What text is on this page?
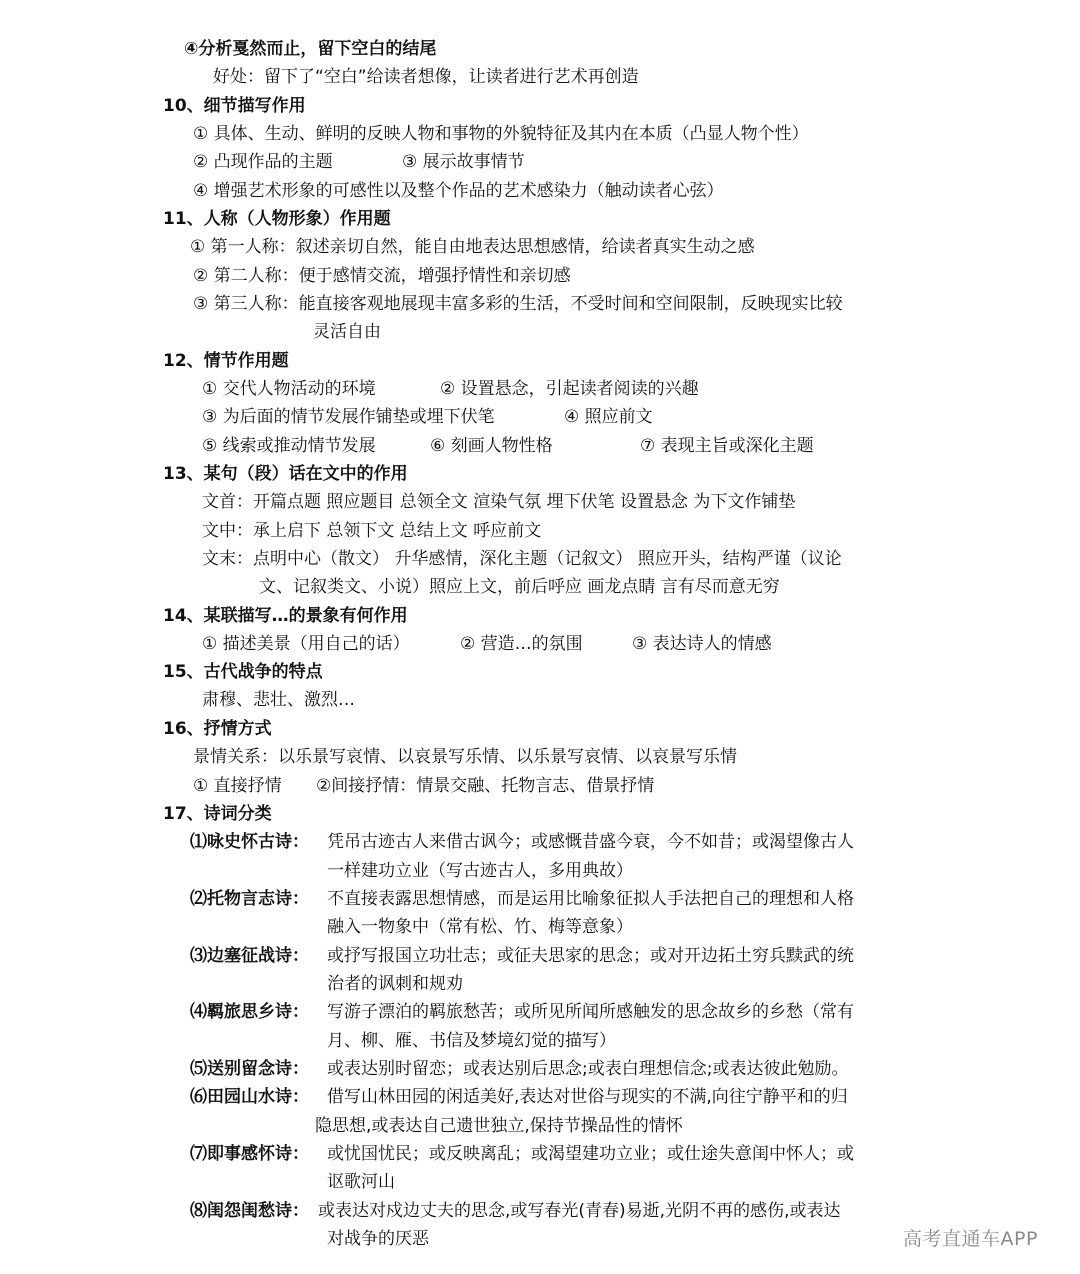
④分析戛然而止，留下空白的结尾
好处：留下了“空白”给读者想像，让读者进行艺术再创造
10、细节描写作用
① 具体、生动、鲜明的反映人物和事物的外貌特征及其内在本质（凸显人物个性）
② 凸现作品的主题	③ 展示故事情节
④ 增强艺术形象的可感性以及整个作品的艺术感染力（触动读者心弦）
11、人称（人物形象）作用题
① 第一人称：叙述亲切自然，能自由地表达思想感情，给读者真实生动之感
② 第二人称：便于感情交流，增强抒情性和亲切感
③ 第三人称：能直接客观地展现丰富多彩的生活，不受时间和空间限制，反映现实比较
灵活自由
12、情节作用题
① 交代人物活动的环境	② 设置悬念，引起读者阅读的兴趣
③ 为后面的情节发展作铺垫或埋下伏笔	④ 照应前文
⑤ 线索或推动情节发展	⑥ 刻画人物性格	⑦ 表现主旨或深化主题
13、某句（段）话在文中的作用
文首：开篇点题 照应题目 总领全文 渲染气氛 埋下伏笔 设置悬念 为下文作铺垫
文中：承上启下 总领下文 总结上文 呼应前文
文末：点明中心（散文） 升华感情，深化主题（记叙文） 照应开头，结构严谨（议论
文、记叙类文、小说）照应上文，前后呼应 画龙点睛 言有尽而意无穷
14、某联描写…的景象有何作用
① 描述美景（用自己的话）	② 营造…的氛围	③ 表达诗人的情感
15、古代战争的特点
肃穆、悲壮、激烈…
16、抒情方式
景情关系：以乐景写哀情、以哀景写乐情、以乐景写哀情、以哀景写乐情
① 直接抒情 ②间接抒情：情景交融、托物言志、借景抒情
17、诗词分类
⑴咏史怀古诗： 凭吊古迹古人来借古讽今；或感慨昔盛今衰，今不如昔；或渴望像古人
一样建功立业（写古迹古人，多用典故）
⑵托物言志诗： 不直接表露思想情感，而是运用比喻象征拟人手法把自己的理想和人格
融入一物象中（常有松、竹、梅等意象）
⑶边塞征战诗： 或抒写报国立功壮志；或征夫思家的思念；或对开边拓土穷兵黩武的统
治者的讽刺和规劝
⑷羁旅思乡诗： 写游子漂泊的羁旅愁苦；或所见所闻所感触发的思念故乡的乡愁（常有
月、柳、雁、书信及梦境幻觉的描写）
⑸送别留念诗： 或表达别时留恋；或表达别后思念;或表白理想信念;或表达彼此勉励。
⑹田园山水诗： 借写山林田园的闲适美好,表达对世俗与现实的不满,向往宁静平和的归
隐思想,或表达自己遗世独立,保持节操品性的情怀
⑺即事感怀诗： 或忧国忧民；或反映离乱；或渴望建功立业；或仕途失意闺中怀人；或
讴歌河山
⑻闺怨闺愁诗： 或表达对戍边丈夫的思念,或写春光(青春)易逝,光阴不再的感伤,或表达
对战争的厌恶	高考直通车APP
